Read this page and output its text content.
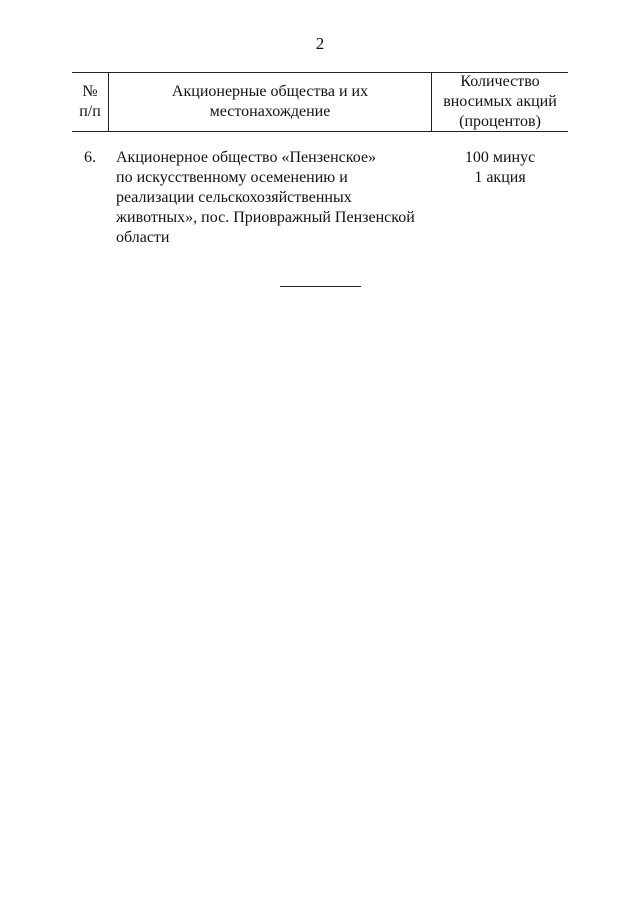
2
№
п/п
Акционерные общества и их
местонахождение
Количество
вносимых акций
(процентов)
6.	Акционерное общество «Пензенское»
по искусственному осеменению и
реализации сельскохозяйственных
животных», пос. Приовражный Пензенской
области
100 минус
1 акция
